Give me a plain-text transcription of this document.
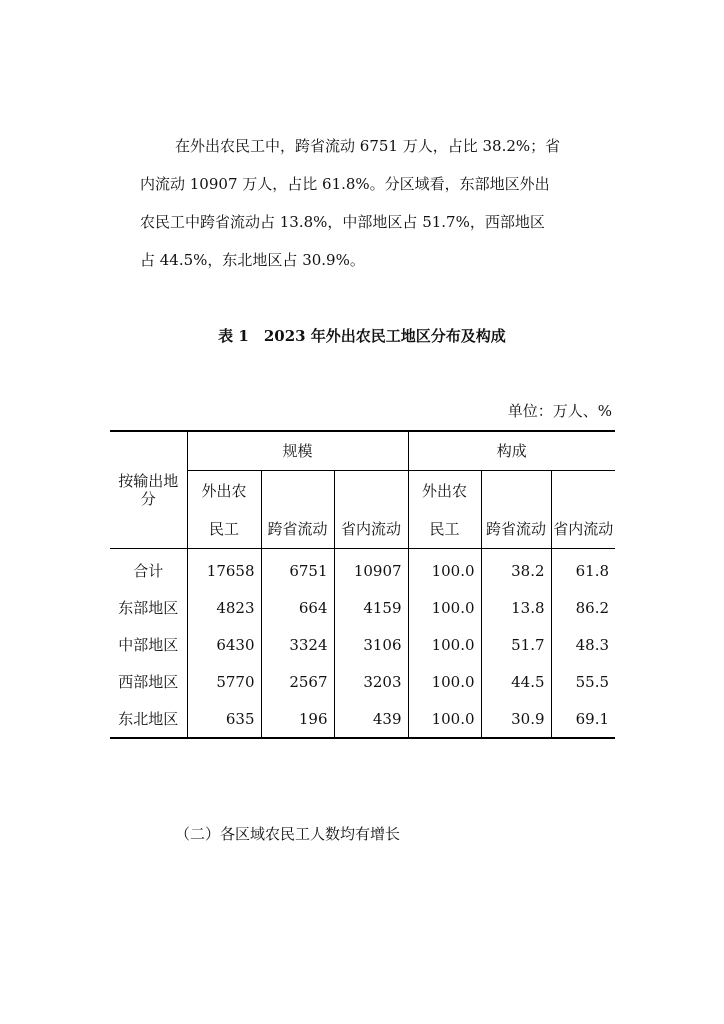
在外出农民工中，跨省流动 6751 万人，占比 38.2%；省
内流动 10907 万人，占比 61.8%。分区域看，东部地区外出
农民工中跨省流动占 13.8%，中部地区占 51.7%，西部地区
占 44.5%，东北地区占 30.9%。
表 1　2023 年外出农民工地区分布及构成
单位：万人、%
按输出地分	规模			构成		
	外出农民工			外出农民工		
		跨省流动	省内流动		跨省流动	省内流动
合计	17658	6751	10907	100.0	38.2	61.8
东部地区	4823	664	4159	100.0	13.8	86.2
中部地区	6430	3324	3106	100.0	51.7	48.3
西部地区	5770	2567	3203	100.0	44.5	55.5
东北地区	635	196	439	100.0	30.9	69.1
（二）各区域农民工人数均有增长
